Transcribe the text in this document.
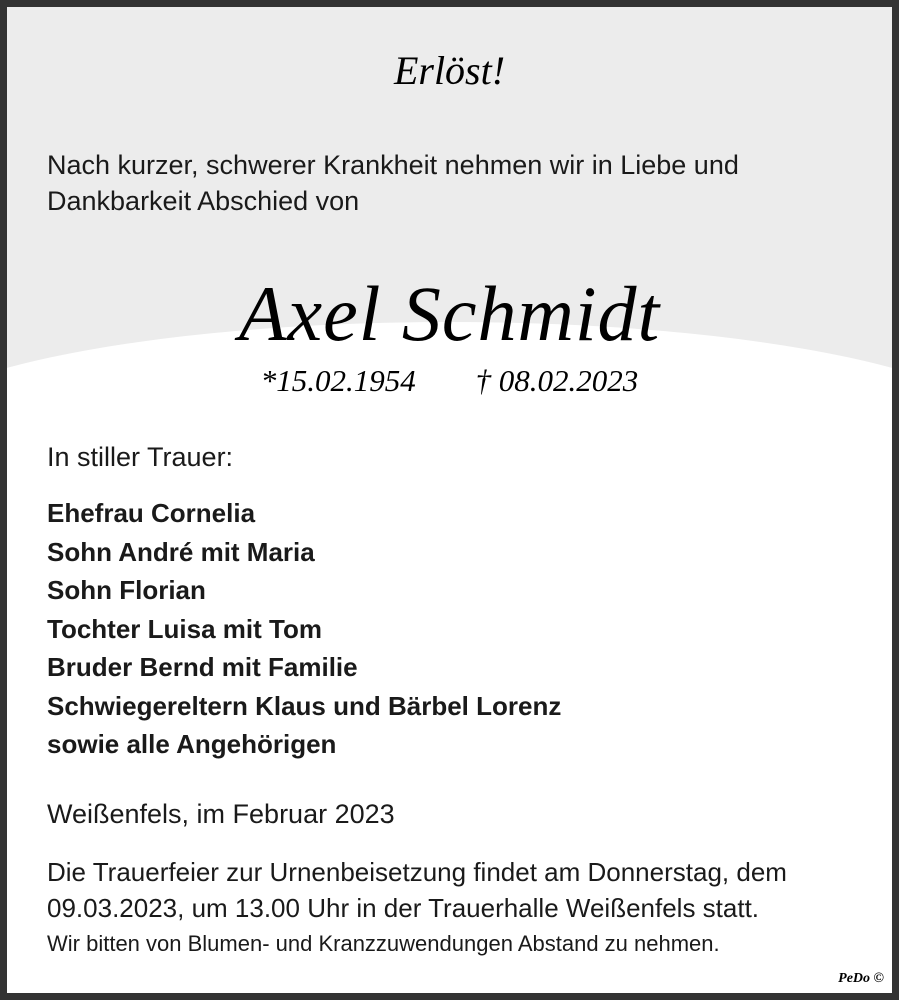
Erlöst!
Nach kurzer, schwerer Krankheit nehmen wir in Liebe und Dankbarkeit Abschied von
Axel Schmidt
*15.02.1954 † 08.02.2023
In stiller Trauer:
Ehefrau Cornelia
Sohn André mit Maria
Sohn Florian
Tochter Luisa mit Tom
Bruder Bernd mit Familie
Schwiegereltern Klaus und Bärbel Lorenz
sowie alle Angehörigen
Weißenfels, im Februar 2023
Die Trauerfeier zur Urnenbeisetzung findet am Donnerstag, dem 09.03.2023, um 13.00 Uhr in der Trauerhalle Weißenfels statt.
Wir bitten von Blumen- und Kranzzuwendungen Abstand zu nehmen.
PeDo ©
